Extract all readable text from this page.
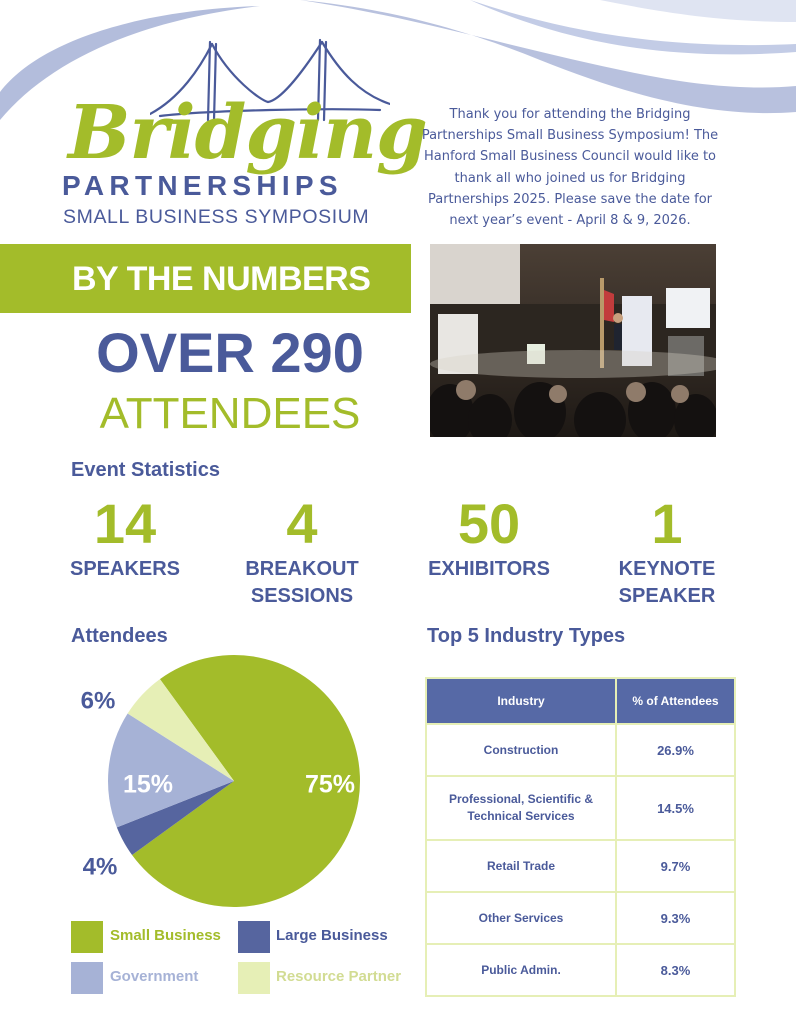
Bridging
PARTNERSHIPS
SMALL BUSINESS SYMPOSIUM

Thank you for attending the Bridging Partnerships Small Business Symposium! The Hanford Small Business Council would like to thank all who joined us for Bridging Partnerships 2025. Please save the date for next year’s event - April 8 & 9, 2026.

BY THE NUMBERS
OVER 290
ATTENDEES
Event Statistics
14
SPEAKERS
4
BREAKOUT
SESSIONS
50
EXHIBITORS
1
KEYNOTE
SPEAKER
Attendees	Top 5 Industry Types
75%
4%
15%
6%
Small Business	Large Business
Government	Resource Partner
Industry	% of Attendees
Construction	26.9%
Professional, Scientific & Technical Services	14.5%
Retail Trade	9.7%
Other Services	9.3%
Public Admin.	8.3%
